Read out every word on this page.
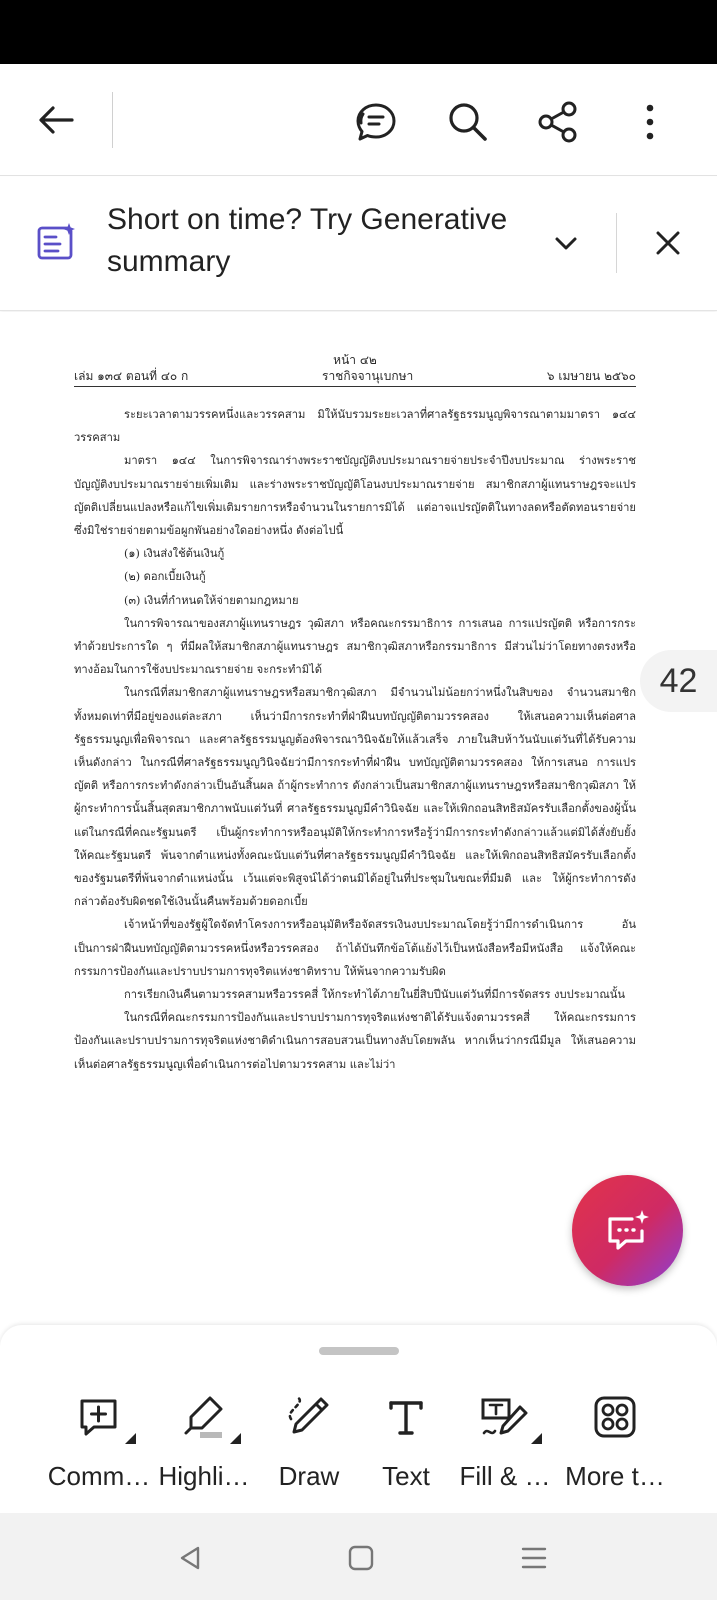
Short on time? Try Generative summary
หน้า ๔๒
เล่ม ๑๓๔ ตอนที่ ๔๐ ก	ราชกิจจานุเบกษา	๖ เมษายน ๒๕๖๐

ระยะเวลาตามวรรคหนึ่งและวรรคสาม มิให้นับรวมระยะเวลาที่ศาลรัฐธรรมนูญพิจารณาตามมาตรา ๑๔๔ วรรคสาม

มาตรา ๑๔๔ ในการพิจารณาร่างพระราชบัญญัติงบประมาณรายจ่ายประจำปีงบประมาณ ร่างพระราชบัญญัติงบประมาณรายจ่ายเพิ่มเติม และร่างพระราชบัญญัติโอนงบประมาณรายจ่าย สมาชิกสภาผู้แทนราษฎรจะแปรญัตติเปลี่ยนแปลงหรือแก้ไขเพิ่มเติมรายการหรือจำนวนในรายการมิได้ แต่อาจแปรญัตติในทางลดหรือตัดทอนรายจ่ายซึ่งมิใช่รายจ่ายตามข้อผูกพันอย่างใดอย่างหนึ่ง ดังต่อไปนี้

(๑) เงินส่งใช้ต้นเงินกู้

(๒) ดอกเบี้ยเงินกู้

(๓) เงินที่กำหนดให้จ่ายตามกฎหมาย

ในการพิจารณาของสภาผู้แทนราษฎร วุฒิสภา หรือคณะกรรมาธิการ การเสนอ การแปรญัตติ หรือการกระทำด้วยประการใด ๆ ที่มีผลให้สมาชิกสภาผู้แทนราษฎร สมาชิกวุฒิสภาหรือกรรมาธิการ มีส่วนไม่ว่าโดยทางตรงหรือทางอ้อมในการใช้งบประมาณรายจ่าย จะกระทำมิได้

ในกรณีที่สมาชิกสภาผู้แทนราษฎรหรือสมาชิกวุฒิสภา มีจำนวนไม่น้อยกว่าหนึ่งในสิบของ จำนวนสมาชิกทั้งหมดเท่าที่มีอยู่ของแต่ละสภา เห็นว่ามีการกระทำที่ฝ่าฝืนบทบัญญัติตามวรรคสอง ให้เสนอความเห็นต่อศาลรัฐธรรมนูญเพื่อพิจารณา และศาลรัฐธรรมนูญต้องพิจารณาวินิจฉัยให้แล้วเสร็จ ภายในสิบห้าวันนับแต่วันที่ได้รับความเห็นดังกล่าว ในกรณีที่ศาลรัฐธรรมนูญวินิจฉัยว่ามีการกระทำที่ฝ่าฝืน บทบัญญัติตามวรรคสอง ให้การเสนอ การแปรญัตติ หรือการกระทำดังกล่าวเป็นอันสิ้นผล ถ้าผู้กระทำการ ดังกล่าวเป็นสมาชิกสภาผู้แทนราษฎรหรือสมาชิกวุฒิสภา ให้ผู้กระทำการนั้นสิ้นสุดสมาชิกภาพนับแต่วันที่ ศาลรัฐธรรมนูญมีคำวินิจฉัย และให้เพิกถอนสิทธิสมัครรับเลือกตั้งของผู้นั้น แต่ในกรณีที่คณะรัฐมนตรี เป็นผู้กระทำการหรืออนุมัติให้กระทำการหรือรู้ว่ามีการกระทำดังกล่าวแล้วแต่มิได้สั่งยับยั้ง ให้คณะรัฐมนตรี พ้นจากตำแหน่งทั้งคณะนับแต่วันที่ศาลรัฐธรรมนูญมีคำวินิจฉัย และให้เพิกถอนสิทธิสมัครรับเลือกตั้ง ของรัฐมนตรีที่พ้นจากตำแหน่งนั้น เว้นแต่จะพิสูจน์ได้ว่าตนมิได้อยู่ในที่ประชุมในขณะที่มีมติ และ ให้ผู้กระทำการดังกล่าวต้องรับผิดชดใช้เงินนั้นคืนพร้อมด้วยดอกเบี้ย

เจ้าหน้าที่ของรัฐผู้ใดจัดทำโครงการหรืออนุมัติหรือจัดสรรเงินงบประมาณโดยรู้ว่ามีการดำเนินการ อันเป็นการฝ่าฝืนบทบัญญัติตามวรรคหนึ่งหรือวรรคสอง ถ้าได้บันทึกข้อโต้แย้งไว้เป็นหนังสือหรือมีหนังสือ แจ้งให้คณะกรรมการป้องกันและปราบปรามการทุจริตแห่งชาติทราบ ให้พ้นจากความรับผิด

การเรียกเงินคืนตามวรรคสามหรือวรรคสี่ ให้กระทำได้ภายในยี่สิบปีนับแต่วันที่มีการจัดสรร งบประมาณนั้น

ในกรณีที่คณะกรรมการป้องกันและปราบปรามการทุจริตแห่งชาติได้รับแจ้งตามวรรคสี่ ให้คณะกรรมการป้องกันและปราบปรามการทุจริตแห่งชาติดำเนินการสอบสวนเป็นทางลับโดยพลัน หากเห็นว่ากรณีมีมูล ให้เสนอความเห็นต่อศาลรัฐธรรมนูญเพื่อดำเนินการต่อไปตามวรรคสาม และไม่ว่า

42
Comm… Highli…	Draw	Text	Fill & … More t…
